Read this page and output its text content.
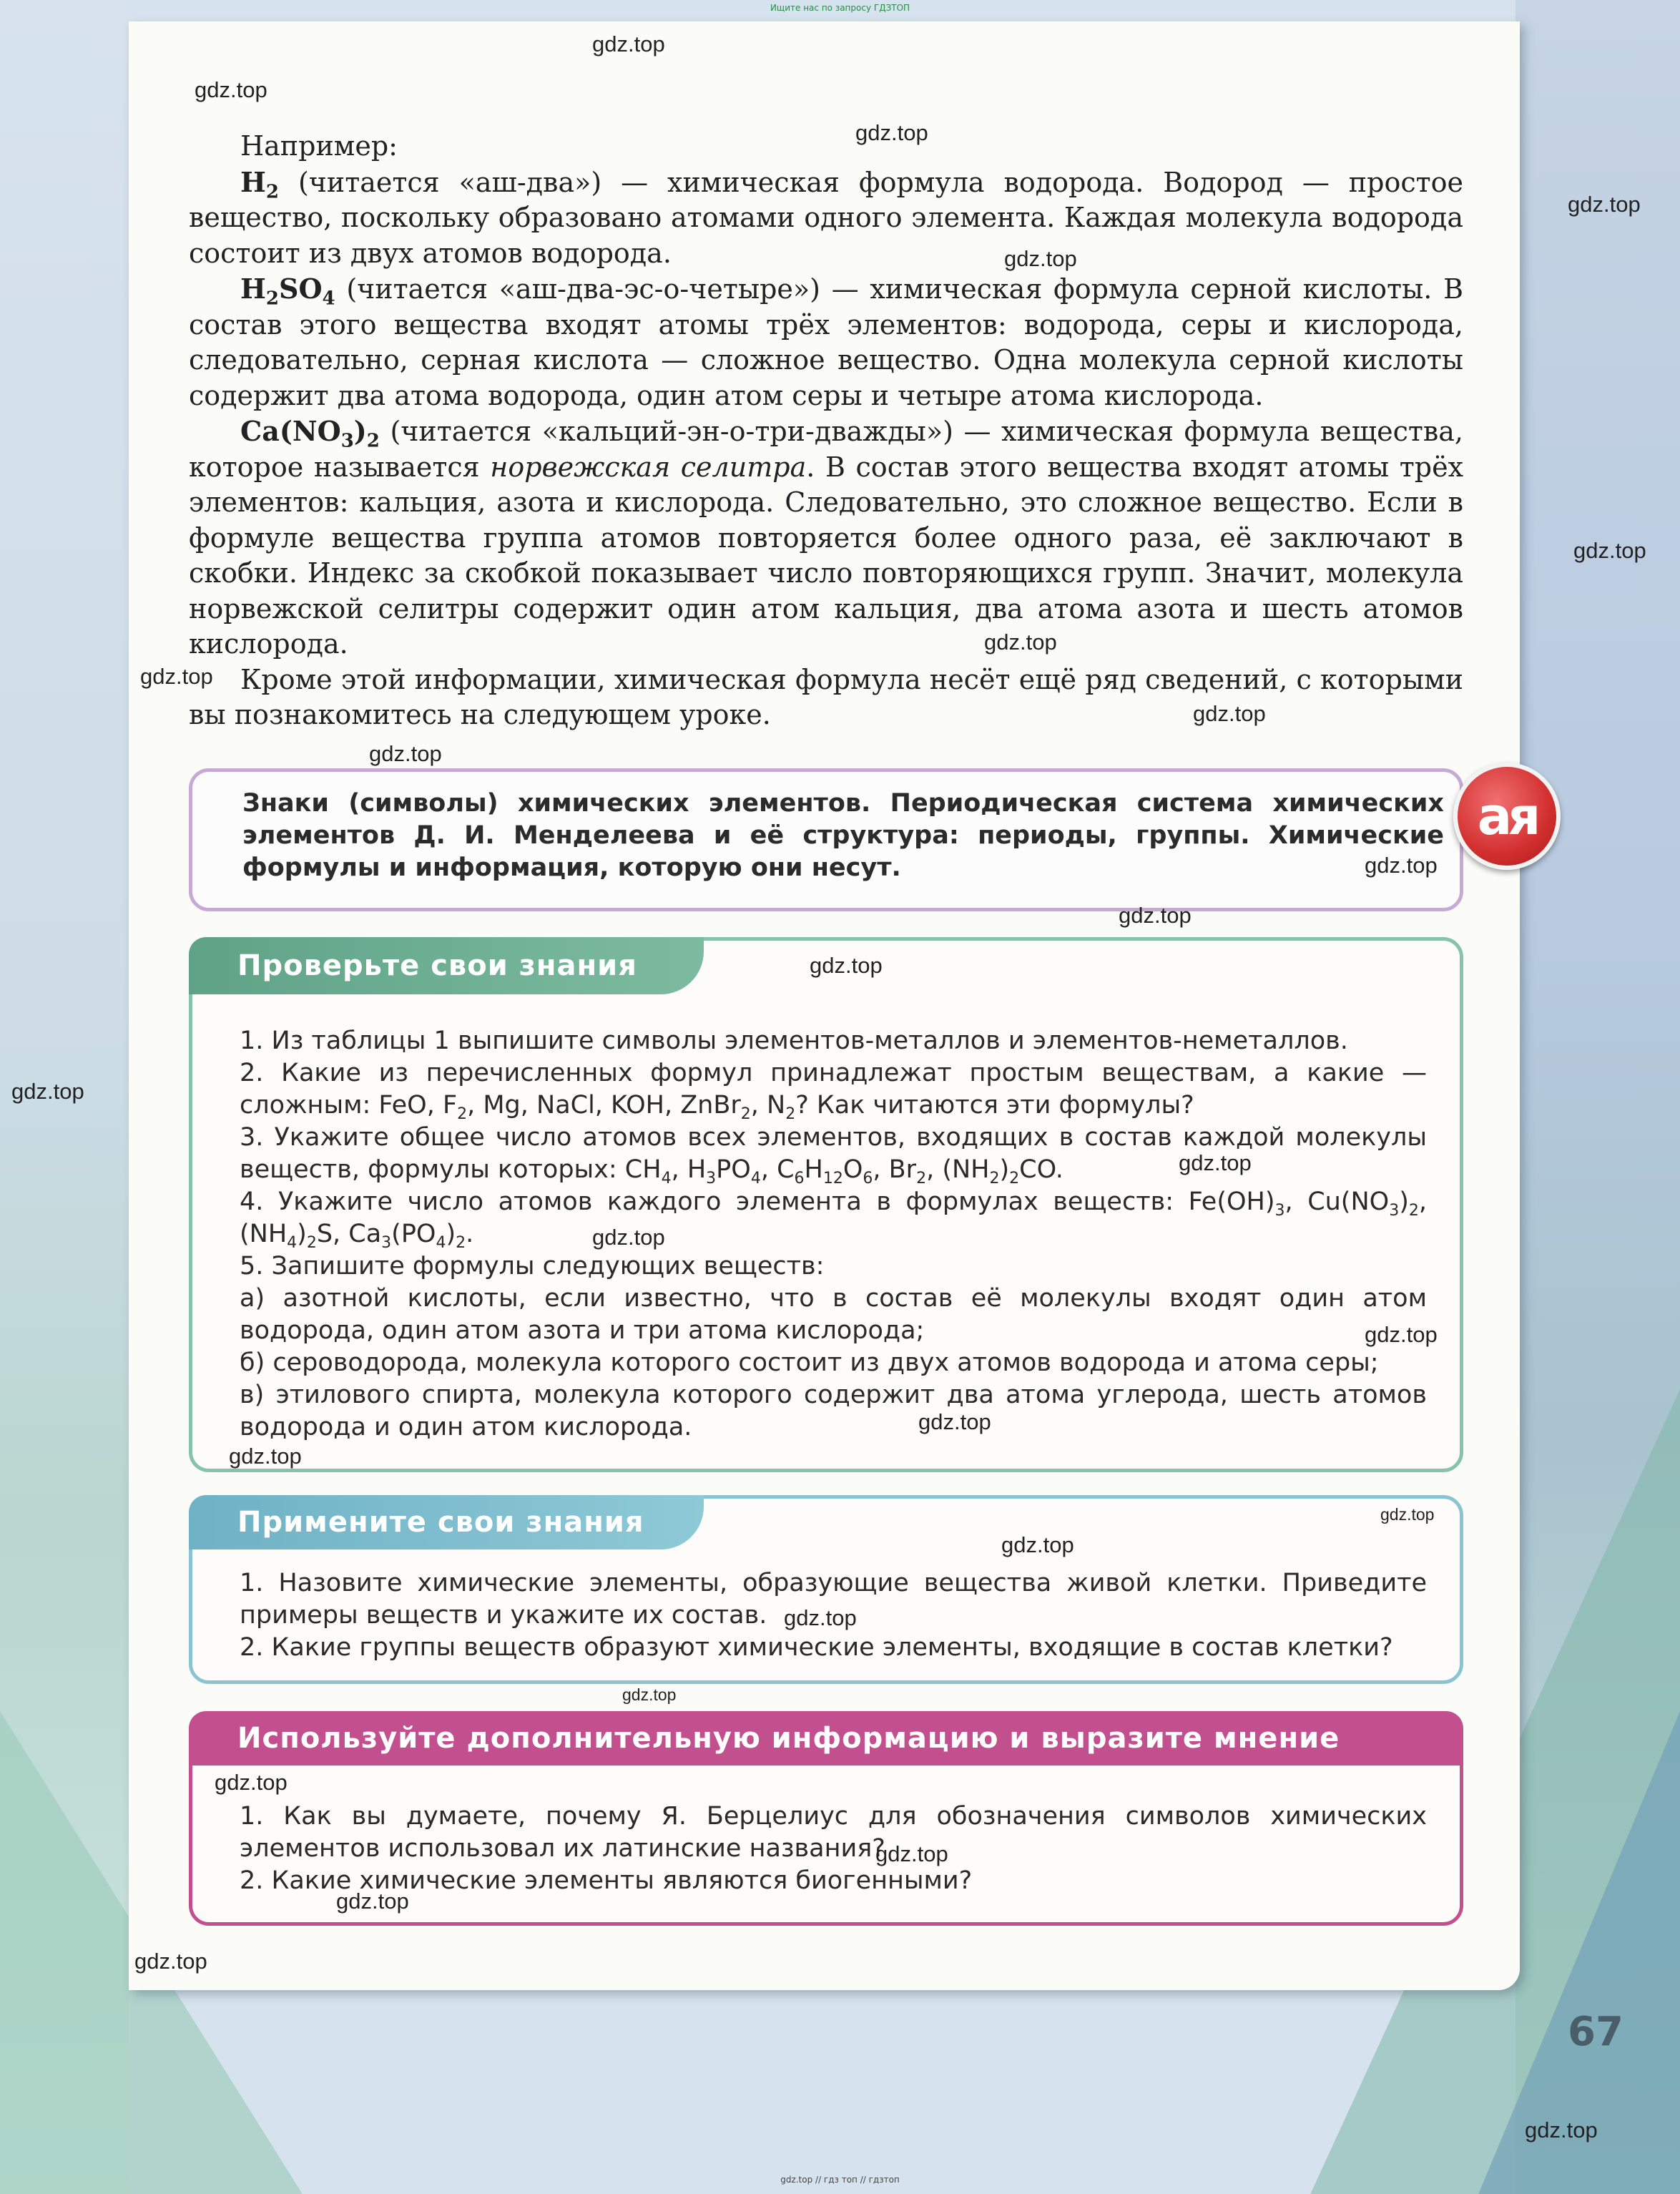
Ищите нас по запросу ГДЗТОП

Например:

$H_2$ (читается «аш-два») — химическая формула водорода. Водород — простое вещество, поскольку образовано атомами одного элемента. Каждая молекула водорода состоит из двух атомов водорода.

$H_2SO_4$ (читается «аш-два-эс-о-четыре») — химическая формула серной кислоты. В состав этого вещества входят атомы трёх элементов: водорода, серы и кислорода, следовательно, серная кислота — сложное вещество. Одна молекула серной кислоты содержит два атома водорода, один атом серы и четыре атома кислорода.

$Ca(NO_3)_2$ (читается «кальций-эн-о-три-дважды») — химическая формула вещества, которое называется норвежская селитра. В состав этого вещества входят атомы трёх элементов: кальция, азота и кислорода. Следовательно, это сложное вещество. Если в формуле вещества группа атомов повторяется более одного раза, её заключают в скобки. Индекс за скобкой показывает число повторяющихся групп. Значит, молекула норвежской селитры содержит один атом кальция, два атома азота и шесть атомов кислорода.

Кроме этой информации, химическая формула несёт ещё ряд сведений, с которыми вы познакомитесь на следующем уроке.

Знаки (символы) химических элементов. Периодическая система химических элементов Д. И. Менделеева и её структура: периоды, группы. Химические формулы и информация, которую они несут.
ая
Проверьте свои знания
1. Из таблицы 1 выпишите символы элементов-металлов и элементов-неметаллов.
2. Какие из перечисленных формул принадлежат простым веществам, а какие — сложным: FeO, $F_2$, Mg, NaCl, KOH, ZnBr$_2$, $N_2$? Как читаются эти формулы?
3. Укажите общее число атомов всех элементов, входящих в состав каждой молекулы веществ, формулы которых: $CH_4$, $H_3PO_4$, $C_6H_{12}O_6$, $Br_2$, $(NH_2)_2CO$.
4. Укажите число атомов каждого элемента в формулах веществ: $Fe(OH)_3$, $Cu(NO_3)_2$, $(NH_4)_2S$, $Ca_3(PO_4)_2$.
5. Запишите формулы следующих веществ:
а) азотной кислоты, если известно, что в состав её молекулы входят один атом водорода, один атом азота и три атома кислорода;
б) сероводорода, молекула которого состоит из двух атомов водорода и атома серы;
в) этилового спирта, молекула которого содержит два атома углерода, шесть атомов водорода и один атом кислорода.
Примените свои знания
1. Назовите химические элементы, образующие вещества живой клетки. Приведите примеры веществ и укажите их состав.
2. Какие группы веществ образуют химические элементы, входящие в состав клетки?
Используйте дополнительную информацию и выразите мнение
1. Как вы думаете, почему Я. Берцелиус для обозначения символов химических элементов использовал их латинские названия?
2. Какие химические элементы являются биогенными?
67
gdz.top
gdz.top
gdz.top
gdz.top
gdz.top
gdz.top
gdz.top
gdz.top
gdz.top
gdz.top
gdz.top
gdz.top
gdz.top
gdz.top
gdz.top
gdz.top
gdz.top
gdz.top
gdz.top
gdz.top
gdz.top
gdz.top
gdz.top
gdz.top
gdz.top
gdz.top
gdz.top
gdz.top
gdz.top // гдз топ // гдзтоп
